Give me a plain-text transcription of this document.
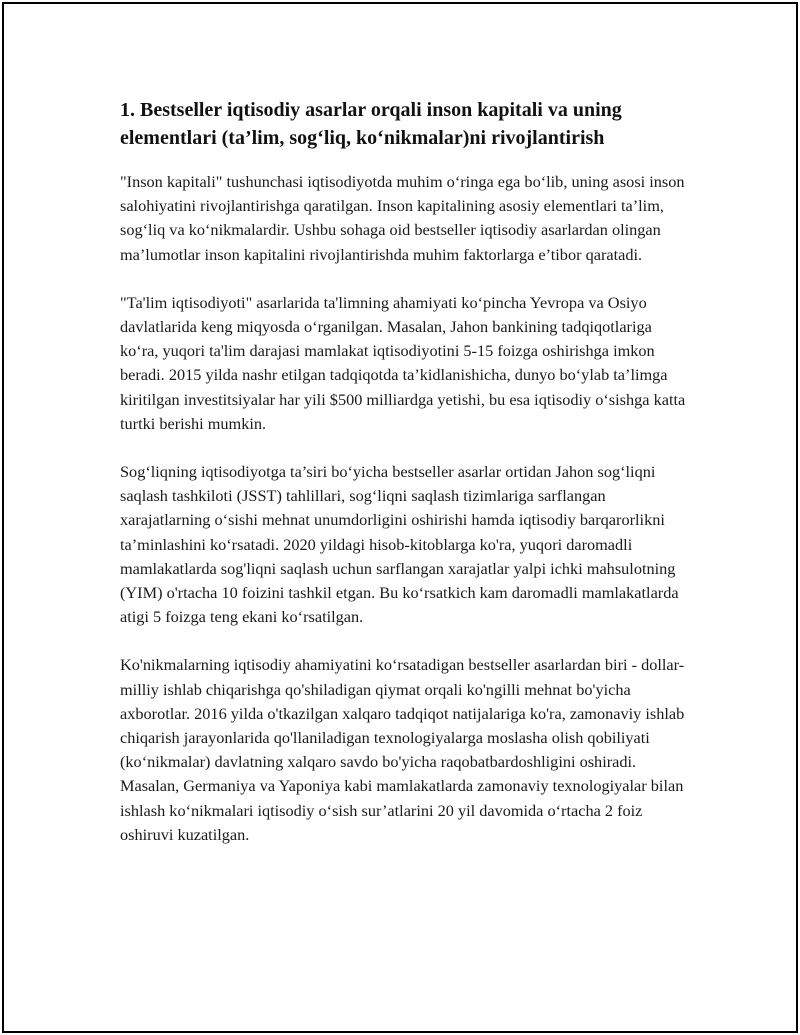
1. Bestseller iqtisodiy asarlar orqali inson kapitali va uning elementlari (ta’lim, sog‘liq, ko‘nikmalar)ni rivojlantirish

"Inson kapitali" tushunchasi iqtisodiyotda muhim o‘ringa ega bo‘lib, uning asosi inson salohiyatini rivojlantirishga qaratilgan. Inson kapitalining asosiy elementlari ta’lim, sog‘liq va ko‘nikmalardir. Ushbu sohaga oid bestseller iqtisodiy asarlardan olingan ma’lumotlar inson kapitalini rivojlantirishda muhim faktorlarga e’tibor qaratadi.

"Ta'lim iqtisodiyoti" asarlarida ta'limning ahamiyati ko‘pincha Yevropa va Osiyo davlatlarida keng miqyosda o‘rganilgan. Masalan, Jahon bankining tadqiqotlariga ko‘ra, yuqori ta'lim darajasi mamlakat iqtisodiyotini 5-15 foizga oshirishga imkon beradi. 2015 yilda nashr etilgan tadqiqotda ta’kidlanishicha, dunyo bo‘ylab ta’limga kiritilgan investitsiyalar har yili $500 milliardga yetishi, bu esa iqtisodiy o‘sishga katta turtki berishi mumkin.

Sog‘liqning iqtisodiyotga ta’siri bo‘yicha bestseller asarlar ortidan Jahon sog‘liqni saqlash tashkiloti (JSST) tahlillari, sog‘liqni saqlash tizimlariga sarflangan xarajatlarning o‘sishi mehnat unumdorligini oshirishi hamda iqtisodiy barqarorlikni ta’minlashini ko‘rsatadi. 2020 yildagi hisob-kitoblarga ko'ra, yuqori daromadli mamlakatlarda sog'liqni saqlash uchun sarflangan xarajatlar yalpi ichki mahsulotning (YIM) o'rtacha 10 foizini tashkil etgan. Bu ko‘rsatkich kam daromadli mamlakatlarda atigi 5 foizga teng ekani ko‘rsatilgan.

Ko'nikmalarning iqtisodiy ahamiyatini ko‘rsatadigan bestseller asarlardan biri - dollar-milliy ishlab chiqarishga qo'shiladigan qiymat orqali ko'ngilli mehnat bo'yicha axborotlar. 2016 yilda o'tkazilgan xalqaro tadqiqot natijalariga ko'ra, zamonaviy ishlab chiqarish jarayonlarida qo'llaniladigan texnologiyalarga moslasha olish qobiliyati (ko‘nikmalar) davlatning xalqaro savdo bo'yicha raqobatbardoshligini oshiradi. Masalan, Germaniya va Yaponiya kabi mamlakatlarda zamonaviy texnologiyalar bilan ishlash ko‘nikmalari iqtisodiy o‘sish sur’atlarini 20 yil davomida o‘rtacha 2 foiz oshiruvi kuzatilgan.
